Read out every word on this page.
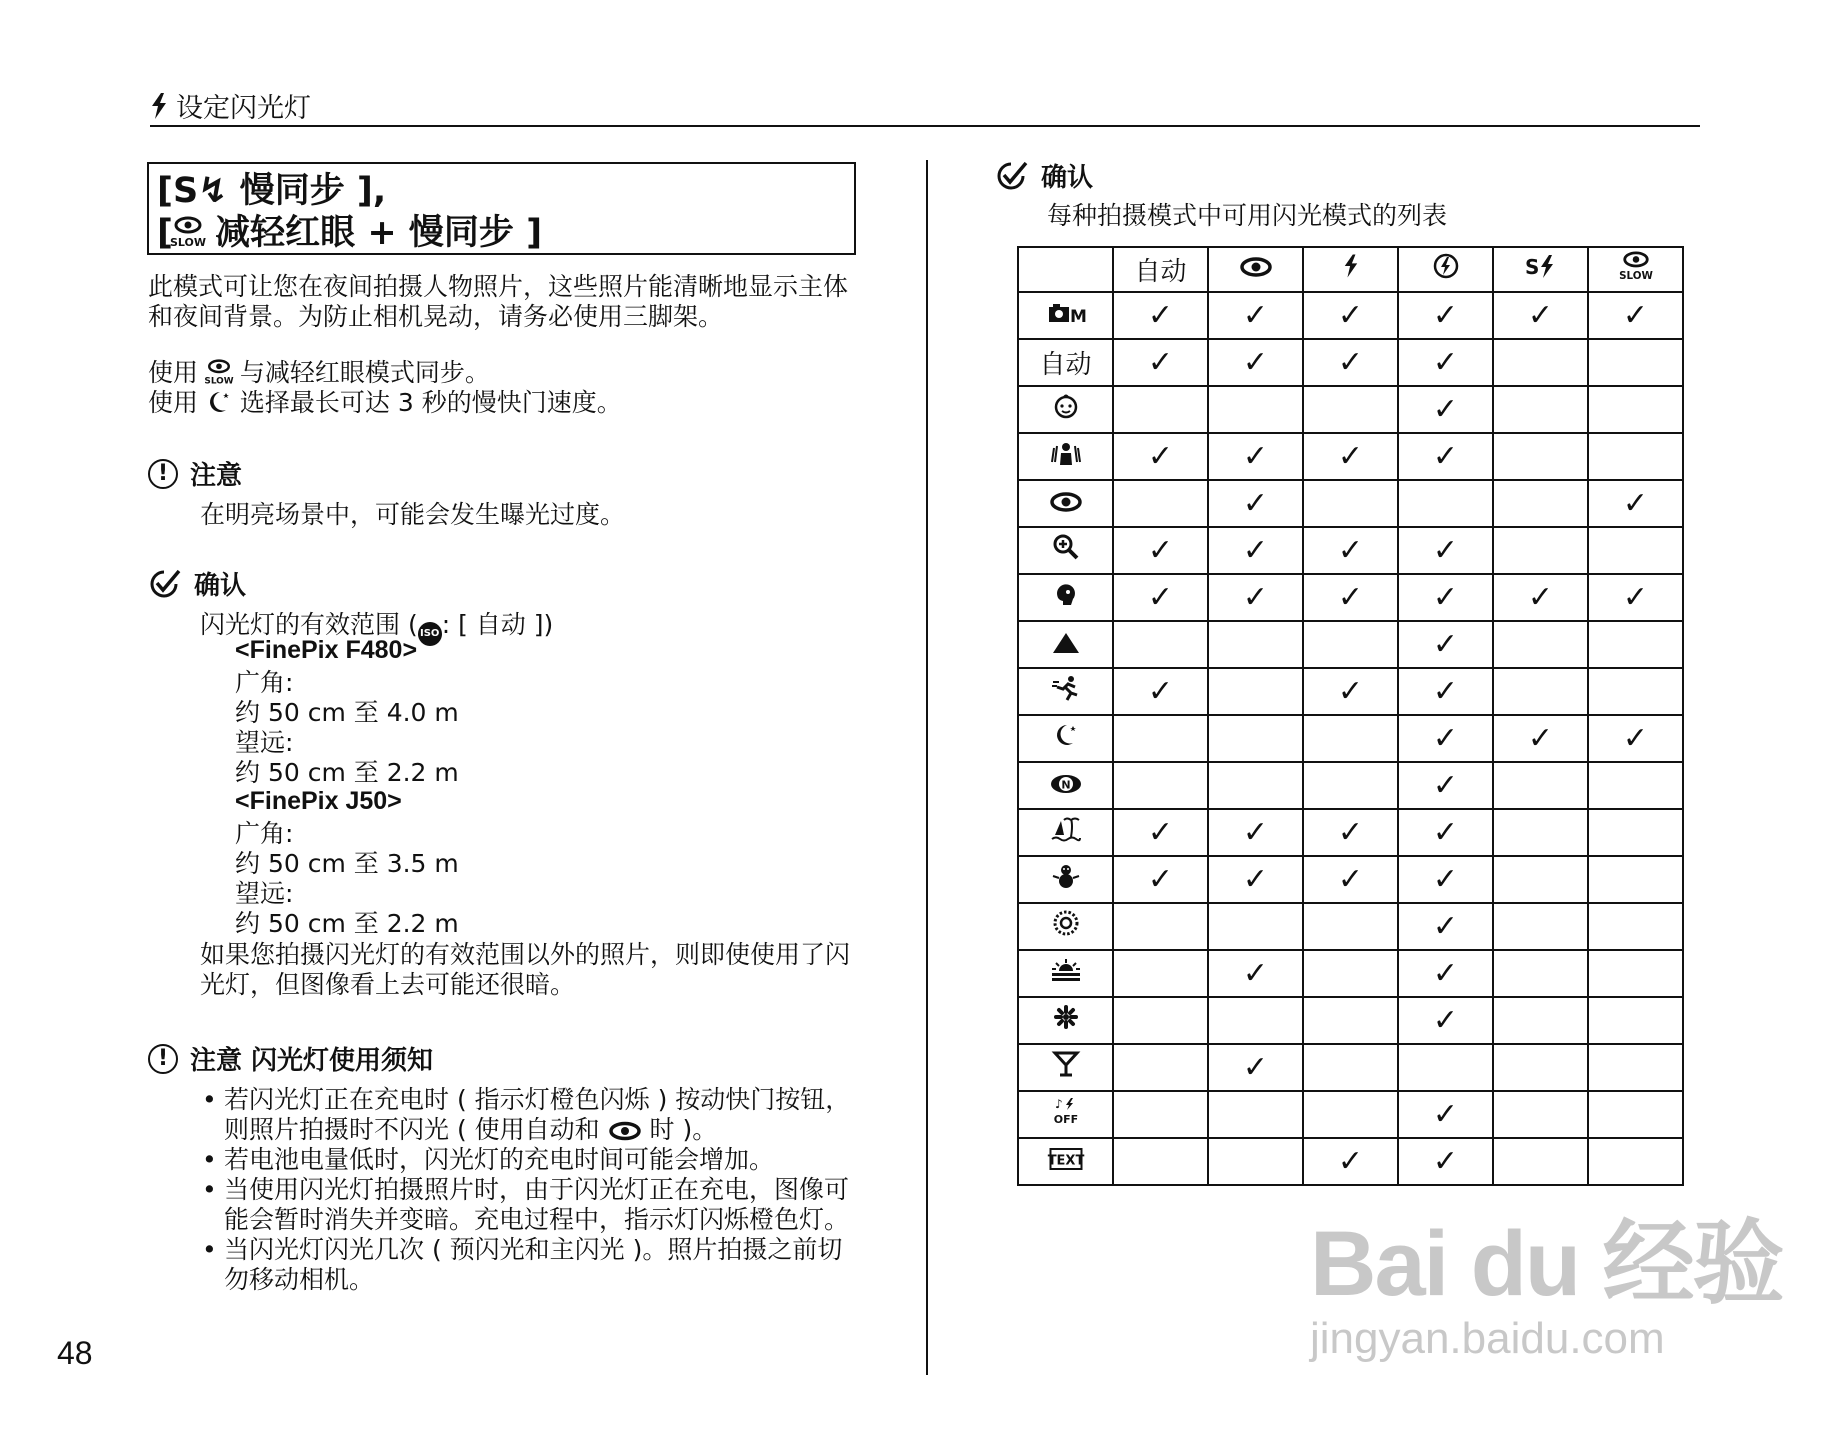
设定闪光灯
[S↯ 慢同步 ],
[
SLOW
减轻红眼 + 慢同步 ]
此模式可让您在夜间拍摄人物照片，这些照片能清晰地显示主体和夜间背景。为防止相机晃动，请务必使用三脚架。
使用 SLOW 与减轻红眼模式同步。
使用 选择最长可达 3 秒的慢快门速度。
! 注意
在明亮场景中，可能会发生曝光过度。
确认
闪光灯的有效范围 ( ISO: [ 自动 ])
<FinePix F480>
广角:
约 50 cm 至 4.0 m
望远:
约 50 cm 至 2.2 m
<FinePix J50>
广角:
约 50 cm 至 3.5 m
望远:
约 50 cm 至 2.2 m
如果您拍摄闪光灯的有效范围以外的照片，则即使使用了闪光灯，但图像看上去可能还很暗。
! 注意 闪光灯使用须知
• 若闪光灯正在充电时 ( 指示灯橙色闪烁 ) 按动快门按钮，则照片拍摄时不闪光 ( 使用自动和  时 )。
• 若电池电量低时，闪光灯的充电时间可能会增加。
• 当使用闪光灯拍摄照片时，由于闪光灯正在充电，图像可能会暂时消失并变暗。充电过程中，指示灯闪烁橙色灯。
• 当闪光灯闪光几次 ( 预闪光和主闪光 )。照片拍摄之前切勿移动相机。
48
确认
每种拍摄模式中可用闪光模式的列表
	自动				S	SLOW

M	✓	✓	✓	✓	✓	✓
自动	✓	✓	✓	✓		

				✓		

	✓	✓	✓	✓		

		✓				✓

	✓	✓	✓	✓		

	✓	✓	✓	✓	✓	✓

				✓		

	✓		✓	✓		

				✓	✓	✓

N				✓		

	✓	✓	✓	✓		

	✓	✓	✓	✓		

				✓		

		✓		✓		

				✓		

		✓				

♪
OFF				✓		

TEXT			✓	✓		
Bai du 经验
jingyan.baidu.com
